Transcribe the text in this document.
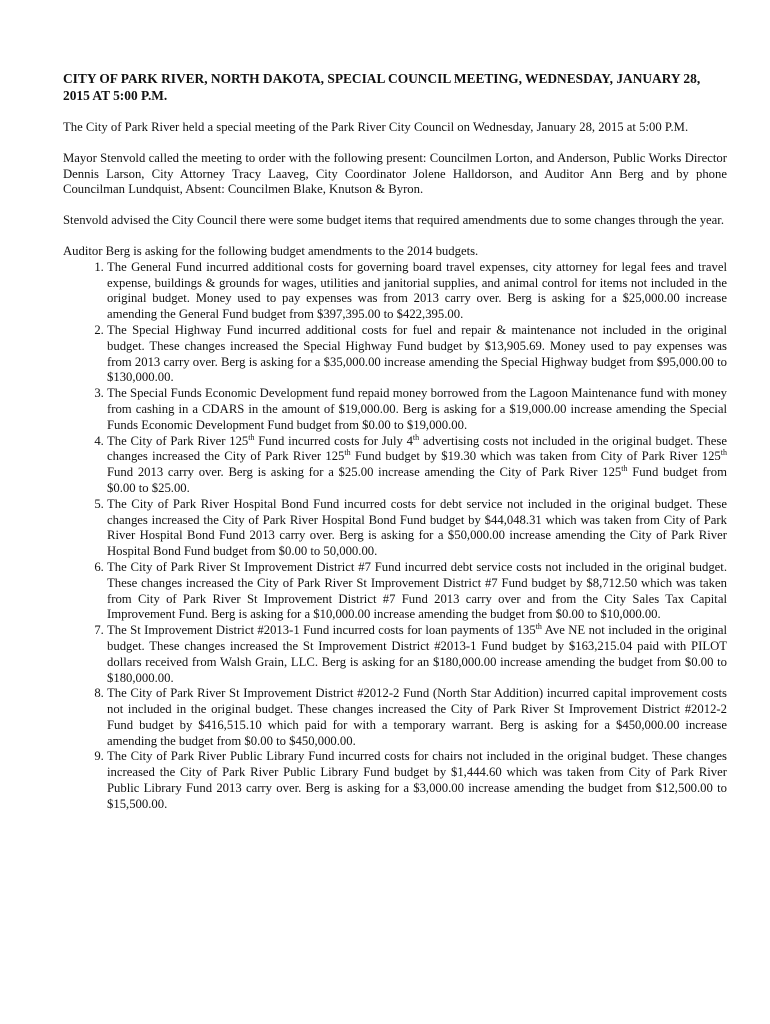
CITY OF PARK RIVER, NORTH DAKOTA, SPECIAL COUNCIL MEETING, WEDNESDAY, JANUARY 28, 2015 AT 5:00 P.M.

The City of Park River held a special meeting of the Park River City Council on Wednesday, January 28, 2015 at 5:00 P.M.

Mayor Stenvold called the meeting to order with the following present: Councilmen Lorton, and Anderson, Public Works Director Dennis Larson, City Attorney Tracy Laaveg, City Coordinator Jolene Halldorson, and Auditor Ann Berg and by phone Councilman Lundquist, Absent: Councilmen Blake, Knutson & Byron.

Stenvold advised the City Council there were some budget items that required amendments due to some changes through the year.

Auditor Berg is asking for the following budget amendments to the 2014 budgets.

1. The General Fund incurred additional costs for governing board travel expenses, city attorney for legal fees and travel expense, buildings & grounds for wages, utilities and janitorial supplies, and animal control for items not included in the original budget. Money used to pay expenses was from 2013 carry over. Berg is asking for a $25,000.00 increase amending the General Fund budget from $397,395.00 to $422,395.00.
2. The Special Highway Fund incurred additional costs for fuel and repair & maintenance not included in the original budget. These changes increased the Special Highway Fund budget by $13,905.69. Money used to pay expenses was from 2013 carry over. Berg is asking for a $35,000.00 increase amending the Special Highway budget from $95,000.00 to $130,000.00.
3. The Special Funds Economic Development fund repaid money borrowed from the Lagoon Maintenance fund with money from cashing in a CDARS in the amount of $19,000.00. Berg is asking for a $19,000.00 increase amending the Special Funds Economic Development Fund budget from $0.00 to $19,000.00.
4. The City of Park River 125th Fund incurred costs for July 4th advertising costs not included in the original budget. These changes increased the City of Park River 125th Fund budget by $19.30 which was taken from City of Park River 125th Fund 2013 carry over. Berg is asking for a $25.00 increase amending the City of Park River 125th Fund budget from $0.00 to $25.00.
5. The City of Park River Hospital Bond Fund incurred costs for debt service not included in the original budget. These changes increased the City of Park River Hospital Bond Fund budget by $44,048.31 which was taken from City of Park River Hospital Bond Fund 2013 carry over. Berg is asking for a $50,000.00 increase amending the City of Park River Hospital Bond Fund budget from $0.00 to 50,000.00.
6. The City of Park River St Improvement District #7 Fund incurred debt service costs not included in the original budget. These changes increased the City of Park River St Improvement District #7 Fund budget by $8,712.50 which was taken from City of Park River St Improvement District #7 Fund 2013 carry over and from the City Sales Tax Capital Improvement Fund. Berg is asking for a $10,000.00 increase amending the budget from $0.00 to $10,000.00.
7. The St Improvement District #2013-1 Fund incurred costs for loan payments of 135th Ave NE not included in the original budget. These changes increased the St Improvement District #2013-1 Fund budget by $163,215.04 paid with PILOT dollars received from Walsh Grain, LLC. Berg is asking for an $180,000.00 increase amending the budget from $0.00 to $180,000.00.
8. The City of Park River St Improvement District #2012-2 Fund (North Star Addition) incurred capital improvement costs not included in the original budget. These changes increased the City of Park River St Improvement District #2012-2 Fund budget by $416,515.10 which paid for with a temporary warrant. Berg is asking for a $450,000.00 increase amending the budget from $0.00 to $450,000.00.
9. The City of Park River Public Library Fund incurred costs for chairs not included in the original budget. These changes increased the City of Park River Public Library Fund budget by $1,444.60 which was taken from City of Park River Public Library Fund 2013 carry over. Berg is asking for a $3,000.00 increase amending the budget from $12,500.00 to $15,500.00.
